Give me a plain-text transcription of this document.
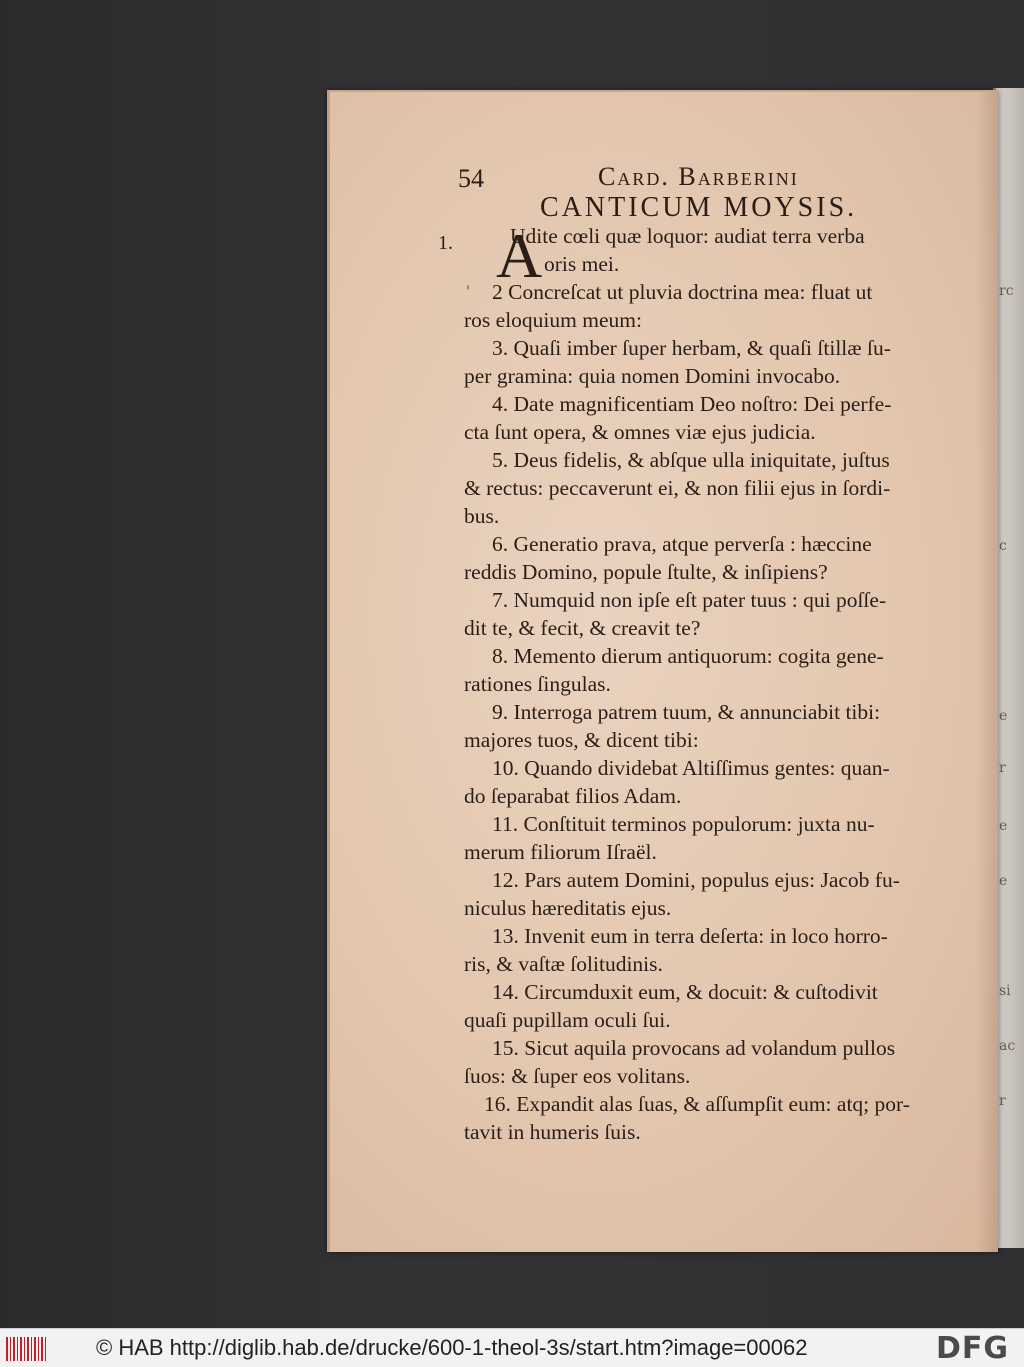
rc
c
e
r
e
e
si
ac
r
54	Card. Barberini
CANTICUM MOYSIS.
1. A
'
Udite cœli quæ loquor: audiat terra verba
oris mei.
2 Concreſcat ut pluvia doctrina mea: fluat ut
ros eloquium meum:
3. Quaſi imber ſuper herbam, & quaſi ſtillæ ſu-
per gramina: quia nomen Domini invocabo.
4. Date magnificentiam Deo noſtro: Dei perfe-
cta ſunt opera, & omnes viæ ejus judicia.
5. Deus fidelis, & abſque ulla iniquitate, juſtus
& rectus: peccaverunt ei, & non filii ejus in ſordi-
bus.
6. Generatio prava, atque perverſa : hæccine
reddis Domino, popule ſtulte, & inſipiens?
7. Numquid non ipſe eſt pater tuus : qui poſſe-
dit te, & fecit, & creavit te?
8. Memento dierum antiquorum: cogita gene-
rationes ſingulas.
9. Interroga patrem tuum, & annunciabit tibi:
majores tuos, & dicent tibi:
10. Quando dividebat Altiſſimus gentes: quan-
do ſeparabat filios Adam.
11. Conſtituit terminos populorum: juxta nu-
merum filiorum Iſraël.
12. Pars autem Domini, populus ejus: Jacob fu-
niculus hæreditatis ejus.
13. Invenit eum in terra deſerta: in loco horro-
ris, & vaſtæ ſolitudinis.
14. Circumduxit eum, & docuit: & cuſtodivit
quaſi pupillam oculi ſui.
15. Sicut aquila provocans ad volandum pullos
ſuos: & ſuper eos volitans.
16. Expandit alas ſuas, & aſſumpſit eum: atq; por-
tavit in humeris ſuis.
© HAB http://diglib.hab.de/drucke/600-1-theol-3s/start.htm?image=00062	DFG
